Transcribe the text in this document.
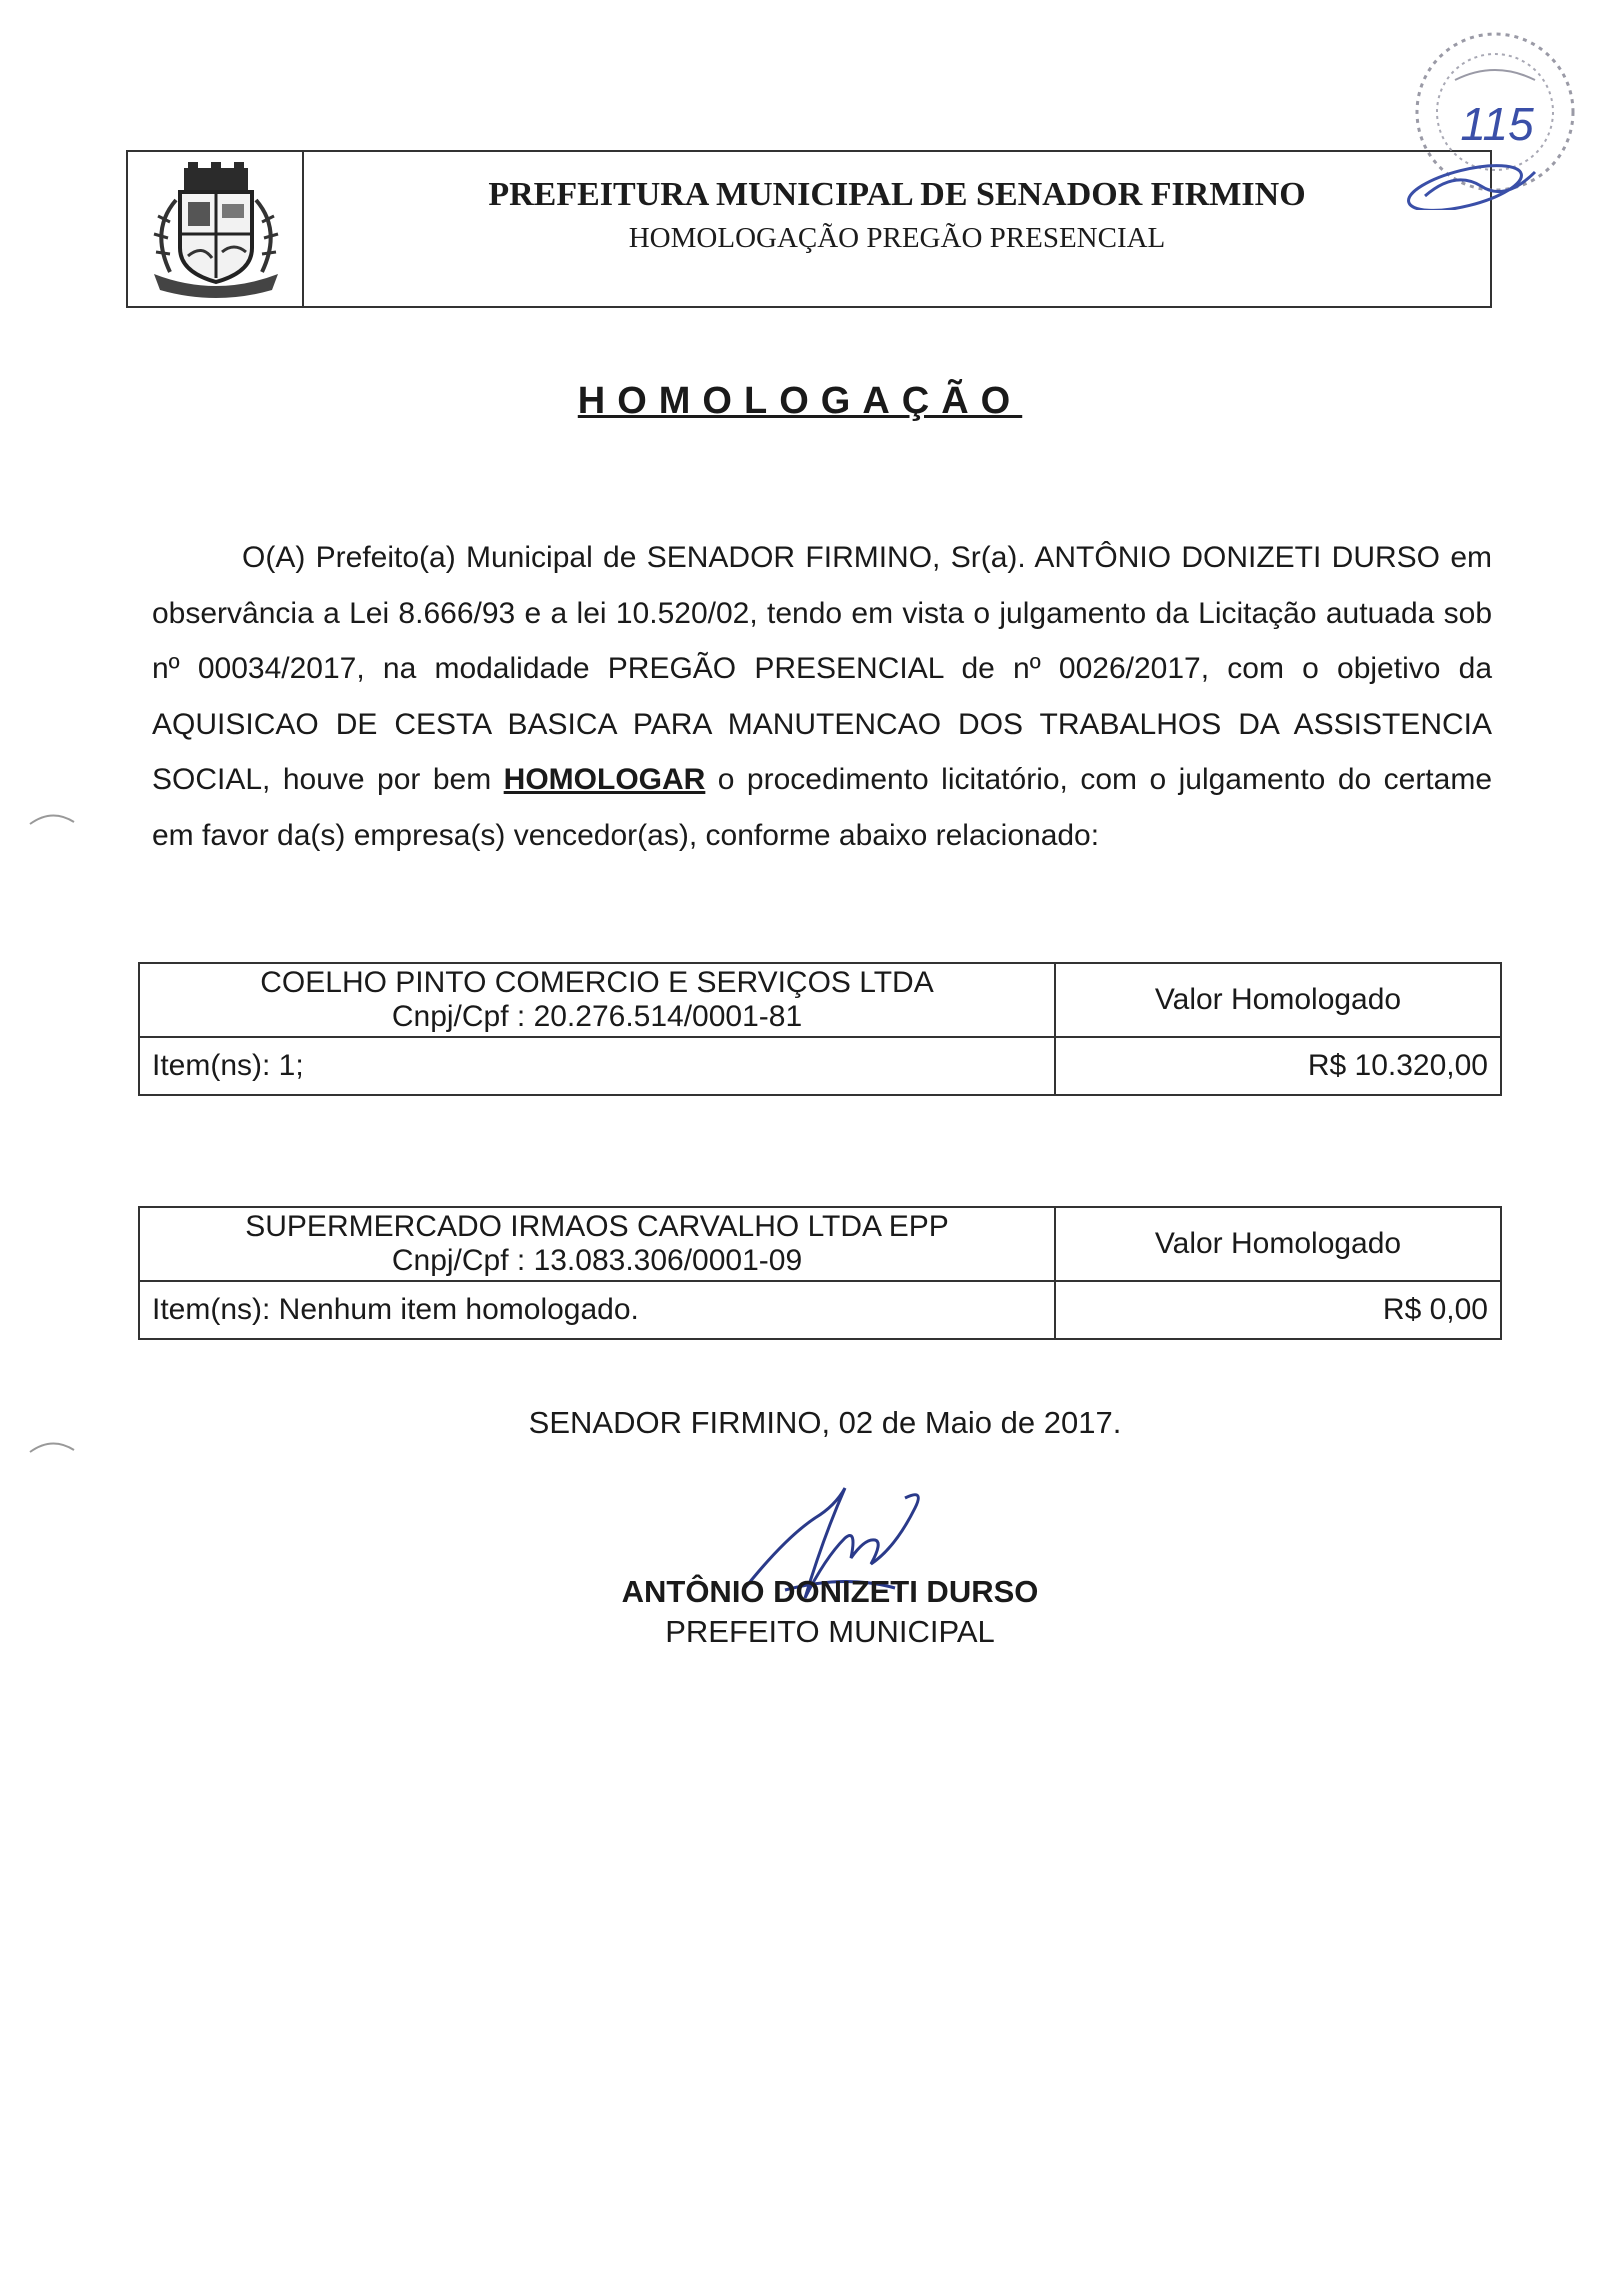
PREFEITURA MUNICIPAL DE SENADOR FIRMINO
HOMOLOGAÇÃO PREGÃO PRESENCIAL
115
HOMOLOGAÇÃO

O(A) Prefeito(a) Municipal de SENADOR FIRMINO, Sr(a). ANTÔNIO DONIZETI DURSO em observância a Lei 8.666/93 e a lei 10.520/02, tendo em vista o julgamento da Licitação autuada sob nº 00034/2017, na modalidade PREGÃO PRESENCIAL de nº 0026/2017, com o objetivo da AQUISICAO DE CESTA BASICA PARA MANUTENCAO DOS TRABALHOS DA ASSISTENCIA SOCIAL, houve por bem HOMOLOGAR o procedimento licitatório, com o julgamento do certame em favor da(s) empresa(s) vencedor(as), conforme abaixo relacionado:

COELHO PINTO COMERCIO E SERVIÇOS LTDA
Cnpj/Cpf : 20.276.514/0001-81	Valor Homologado
Item(ns): 1;	R$ 10.320,00
SUPERMERCADO IRMAOS CARVALHO LTDA EPP
Cnpj/Cpf : 13.083.306/0001-09	Valor Homologado
Item(ns): Nenhum item homologado.	R$ 0,00
SENADOR FIRMINO, 02 de Maio de 2017.
ANTÔNIO DONIZETI DURSO
PREFEITO MUNICIPAL
